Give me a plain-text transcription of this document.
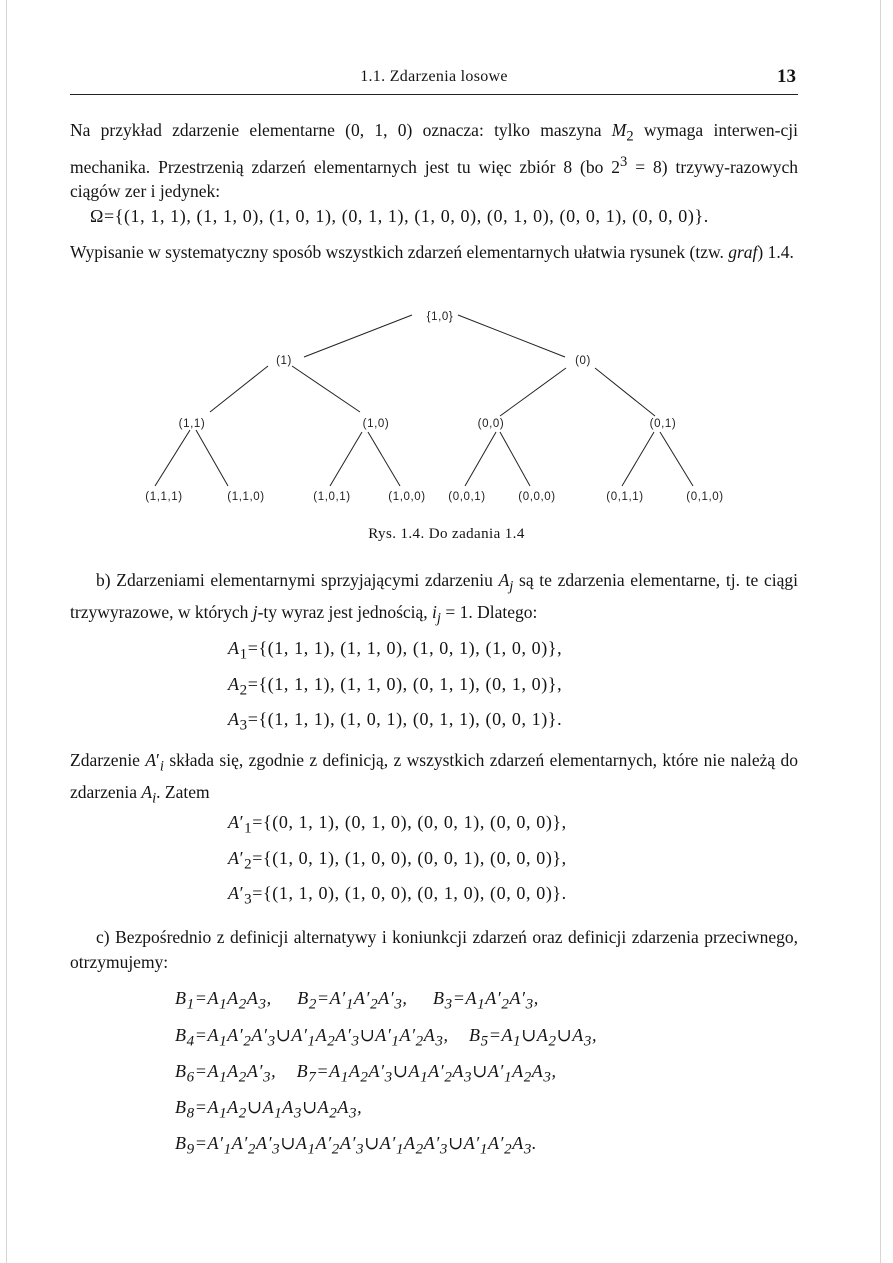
1.1. Zdarzenia losowe	13
Na przykład zdarzenie elementarne (0, 1, 0) oznacza: tylko maszyna $M_2$ wymaga interwen-cji mechanika. Przestrzenią zdarzeń elementarnych jest tu więc zbiór 8 (bo $2^3 = 8$) trzywy-razowych ciągów zer i jedynek:
Ω={(1, 1, 1), (1, 1, 0), (1, 0, 1), (0, 1, 1), (1, 0, 0), (0, 1, 0), (0, 0, 1), (0, 0, 0)}.
Wypisanie w systematyczny sposób wszystkich zdarzeń elementarnych ułatwia rysunek (tzw. graf) 1.4.
{1,0}
(1)	(0)
(1,1)	(1,0)	(0,0)	(0,1)
(1,1,1)	(1,1,0)	(1,0,1)	(1,0,0) (0,0,1)	(0,0,0)	(0,1,1)	(0,1,0)
Rys. 1.4. Do zadania 1.4
b) Zdarzeniami elementarnymi sprzyjającymi zdarzeniu $A_j$ są te zdarzenia elementarne, tj. te ciągi trzywyrazowe, w których j-ty wyraz jest jednością, $i_j = 1$. Dlatego:
$A_1=\{(1$, 1, 1), (1, 1, 0), (1, 0, 1), (1, 0, 0)},
$A_2=\{(1$, 1, 1), (1, 1, 0), (0, 1, 1), (0, 1, 0)},
$A_3=\{(1$, 1, 1), (1, 0, 1), (0, 1, 1), (0, 0, 1)}.
Zdarzenie $A'_i$ składa się, zgodnie z definicją, z wszystkich zdarzeń elementarnych, które nie należą do zdarzenia $A_i$. Zatem
$A'_1=\{(0$, 1, 1), (0, 1, 0), (0, 0, 1), (0, 0, 0)},
$A'_2=\{(1$, 0, 1), (1, 0, 0), (0, 0, 1), (0, 0, 0)},
$A'_3=\{(1$, 1, 0), (1, 0, 0), (0, 1, 0), (0, 0, 0)}.
c) Bezpośrednio z definicji alternatywy i koniunkcji zdarzeń oraz definicji zdarzenia przeciwnego, otrzymujemy:
$B_1=A_1A_2A_3$,     $B_2=A'_1A'_2A'_3$,     $B_3=A_1A'_2A'_3$,
$B_4=A_1A'_2A'_3\cup A'_1A_2A'_3\cup A'_1A'_2A_3$,    $B_5=A_1\cup A_2\cup A_3$,
$B_6=A_1A_2A'_3$,    $B_7=A_1A_2A'_3\cup A_1A'_2A_3\cup A'_1A_2A_3$,
$B_8=A_1A_2\cup A_1A_3\cup A_2A_3$,
$B_9=A'_1A'_2A'_3\cup A_1A'_2A'_3\cup A'_1A_2A'_3\cup A'_1A'_2A_3$.
